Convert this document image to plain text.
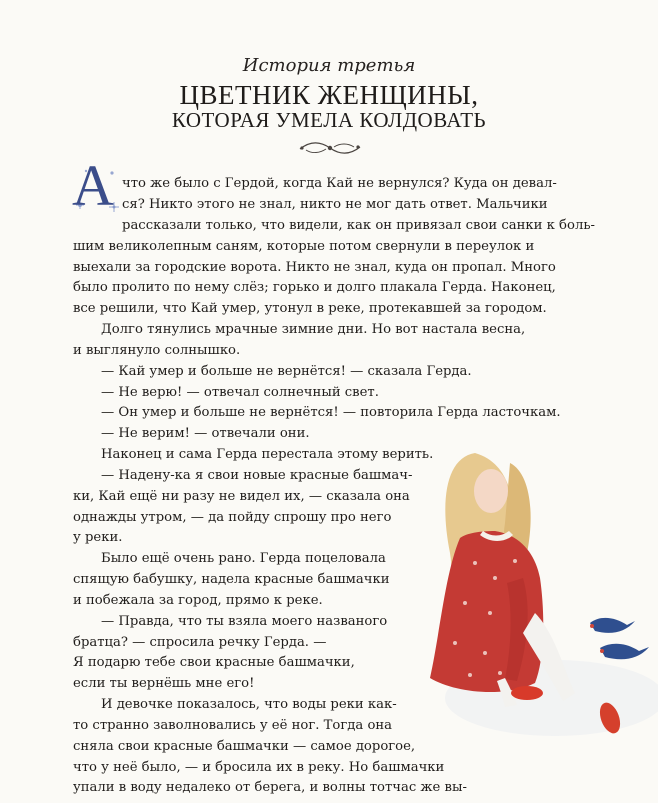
История третья
ЦВЕТНИК ЖЕНЩИНЫ,
КОТОРАЯ УМЕЛА КОЛДОВАТЬ
А что же было с Гердой, когда Кай не вернулся? Куда он девал-
ся? Никто этого не знал, никто не мог дать ответ. Мальчики
рассказали только, что видели, как он привязал свои санки к боль-
шим великолепным саням, которые потом свернули в переулок и
выехали за городские ворота. Никто не знал, куда он пропал. Много
было пролито по нему слёз; горько и долго плакала Герда. Наконец,
все решили, что Кай умер, утонул в реке, протекавшей за городом.
Долго тянулись мрачные зимние дни. Но вот настала весна,
и выглянуло солнышко.
— Кай умер и больше не вернётся! — сказала Герда.
— Не верю! — отвечал солнечный свет.
— Он умер и больше не вернётся! — повторила Герда ласточкам.
— Не верим! — отвечали они.
Наконец и сама Герда перестала этому верить.
— Надену-ка я свои новые красные башмач-
ки, Кай ещё ни разу не видел их, — сказала она
однажды утром, — да пойду спрошу про него
у реки.
Было ещё очень рано. Герда поцеловала
спящую бабушку, надела красные башмачки
и побежала за город, прямо к реке.
— Правда, что ты взяла моего названого
братца? — спросила речку Герда. —
Я подарю тебе свои красные башмачки,
если ты вернёшь мне его!
И девочке показалось, что воды реки как-
то странно заволновались у её ног. Тогда она
сняла свои красные башмачки — самое дорогое,
что у неё было, — и бросила их в реку. Но башмачки
упали в воду недалеко от берега, и волны тотчас же вы-
